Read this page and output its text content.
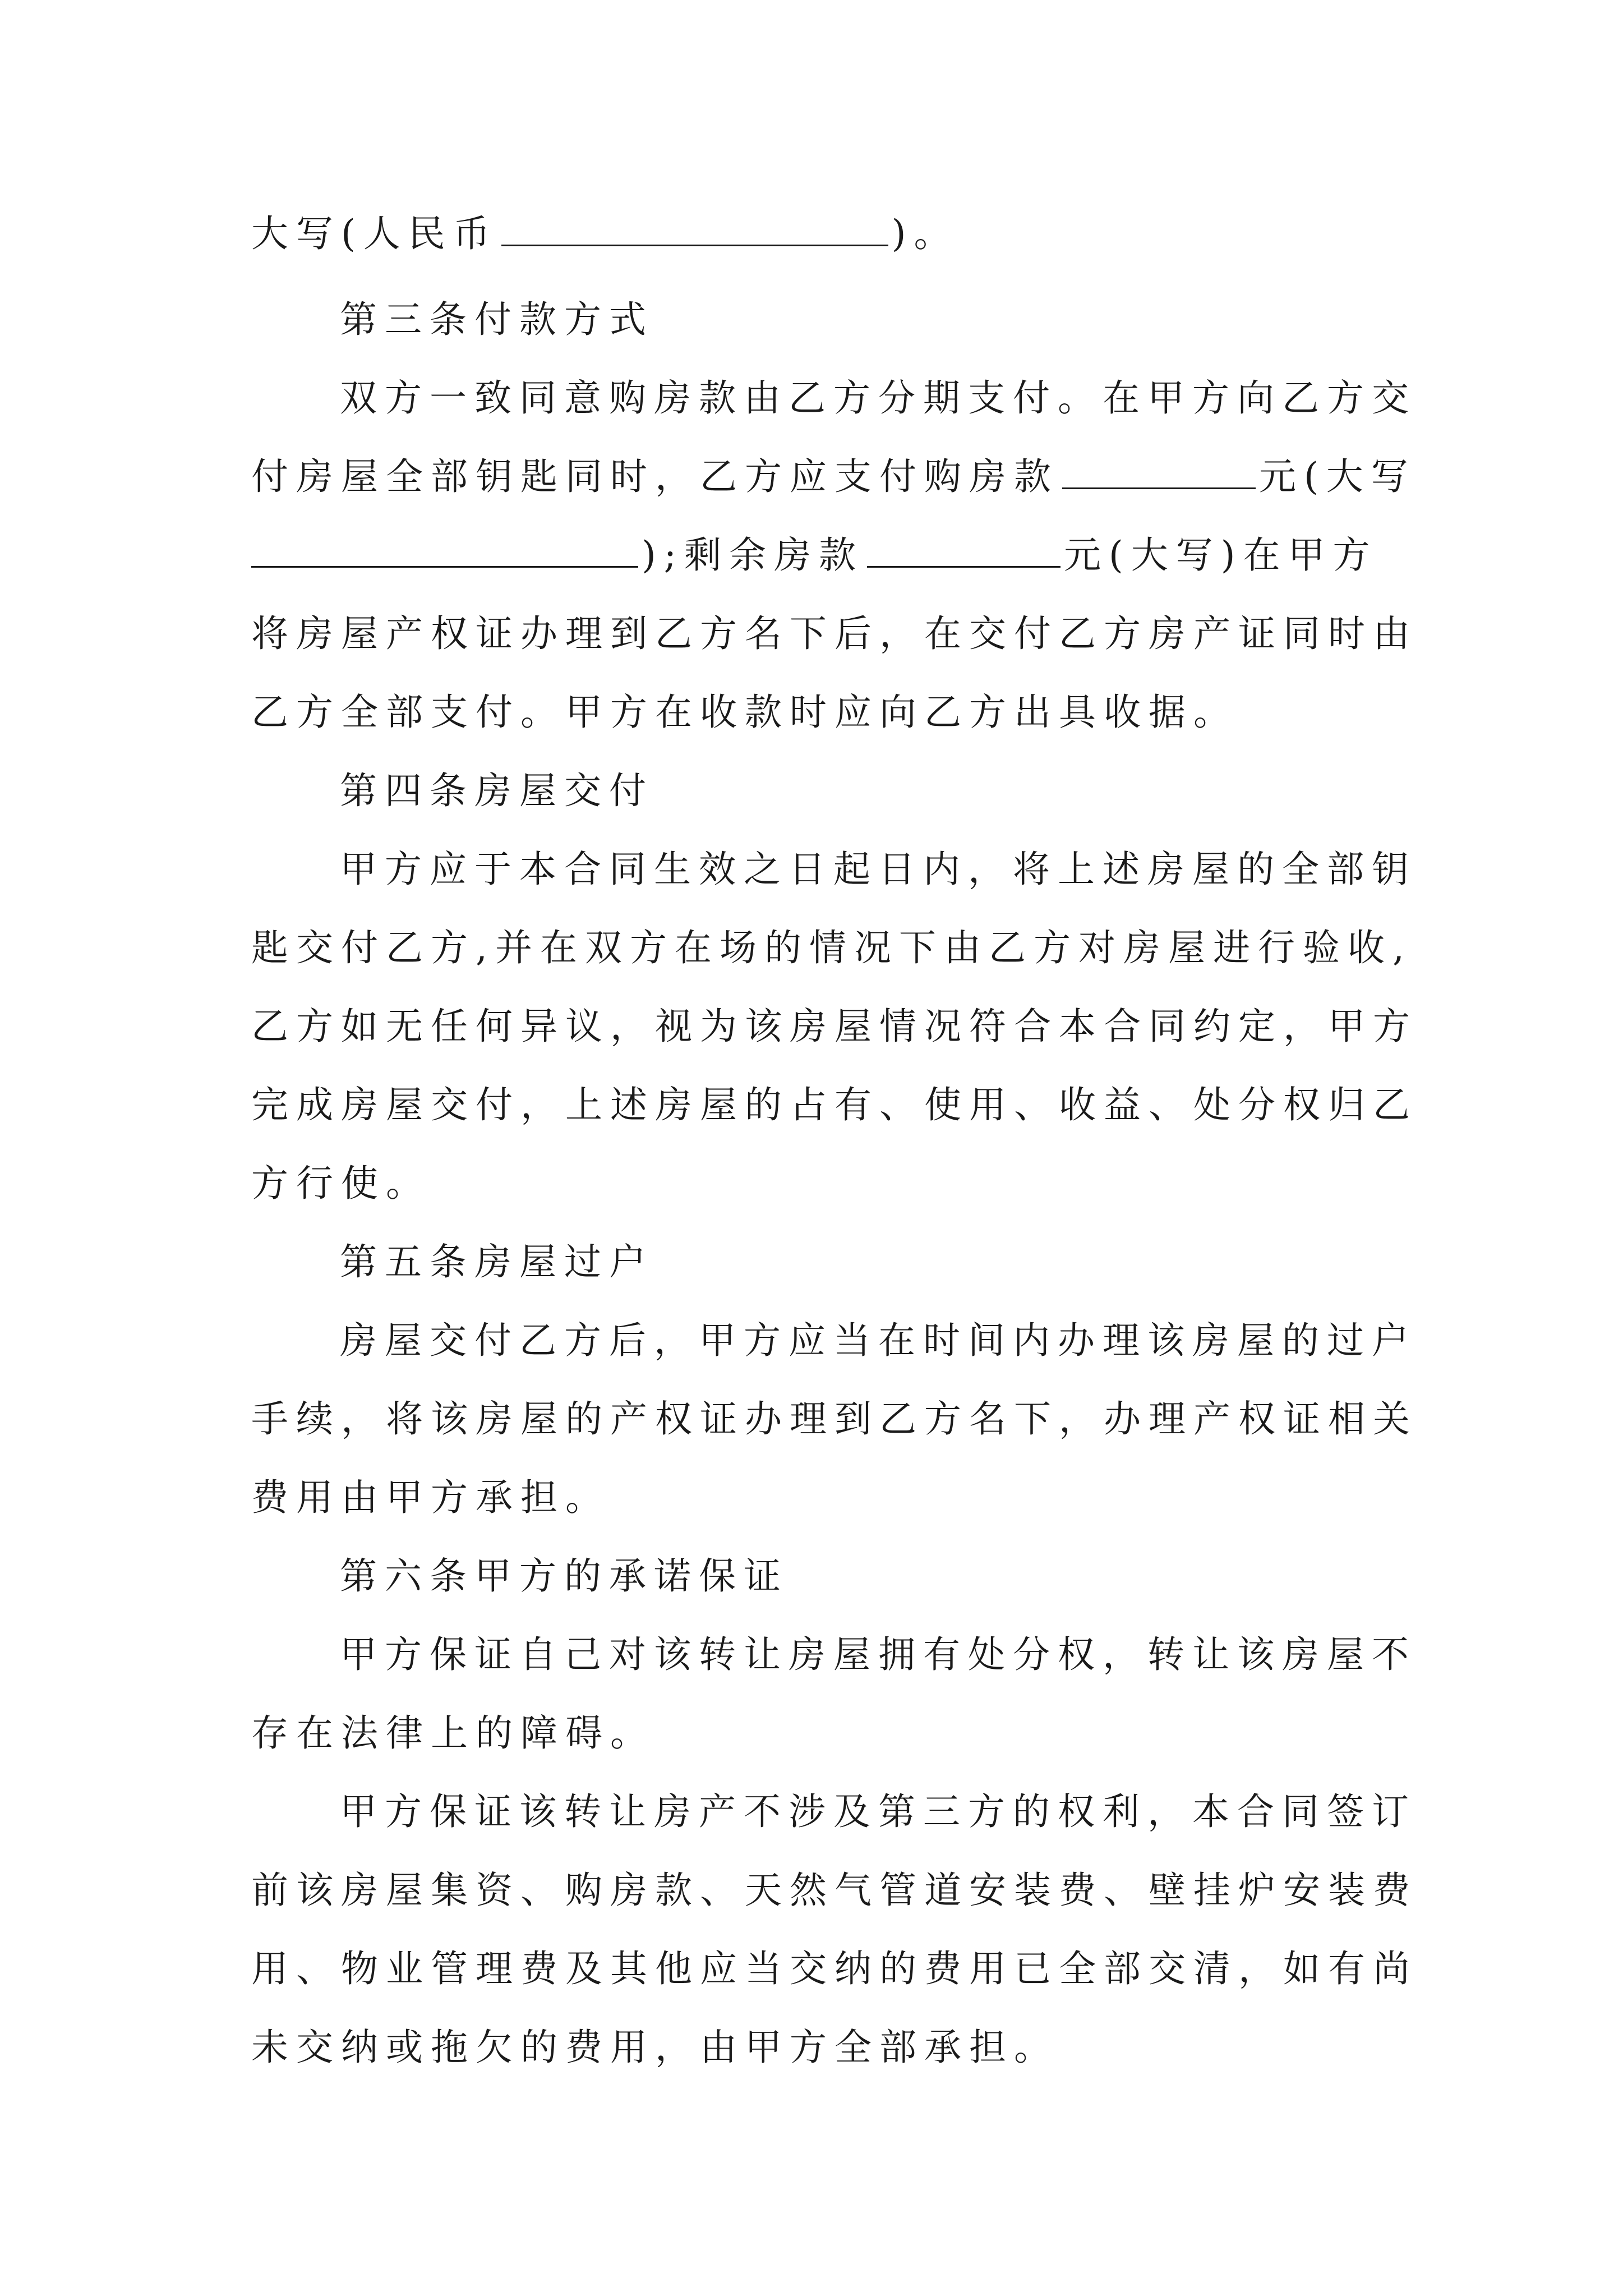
大写(人民币	)。
第三条付款方式
双方一致同意购房款由乙方分期支付。在甲方向乙方交
付房屋全部钥匙同时，乙方应支付购房款	元(大写
);剩余房款	元(大写)在甲方
将房屋产权证办理到乙方名下后，在交付乙方房产证同时由
乙方全部支付。甲方在收款时应向乙方出具收据。
第四条房屋交付
甲方应于本合同生效之日起日内，将上述房屋的全部钥
匙交付乙方,并在双方在场的情况下由乙方对房屋进行验收,
乙方如无任何异议，视为该房屋情况符合本合同约定，甲方
完成房屋交付，上述房屋的占有、使用、收益、处分权归乙
方行使。
第五条房屋过户
房屋交付乙方后，甲方应当在时间内办理该房屋的过户
手续，将该房屋的产权证办理到乙方名下，办理产权证相关
费用由甲方承担。
第六条甲方的承诺保证
甲方保证自己对该转让房屋拥有处分权，转让该房屋不
存在法律上的障碍。
甲方保证该转让房产不涉及第三方的权利，本合同签订
前该房屋集资、购房款、天然气管道安装费、壁挂炉安装费
用、物业管理费及其他应当交纳的费用已全部交清，如有尚
未交纳或拖欠的费用，由甲方全部承担。
